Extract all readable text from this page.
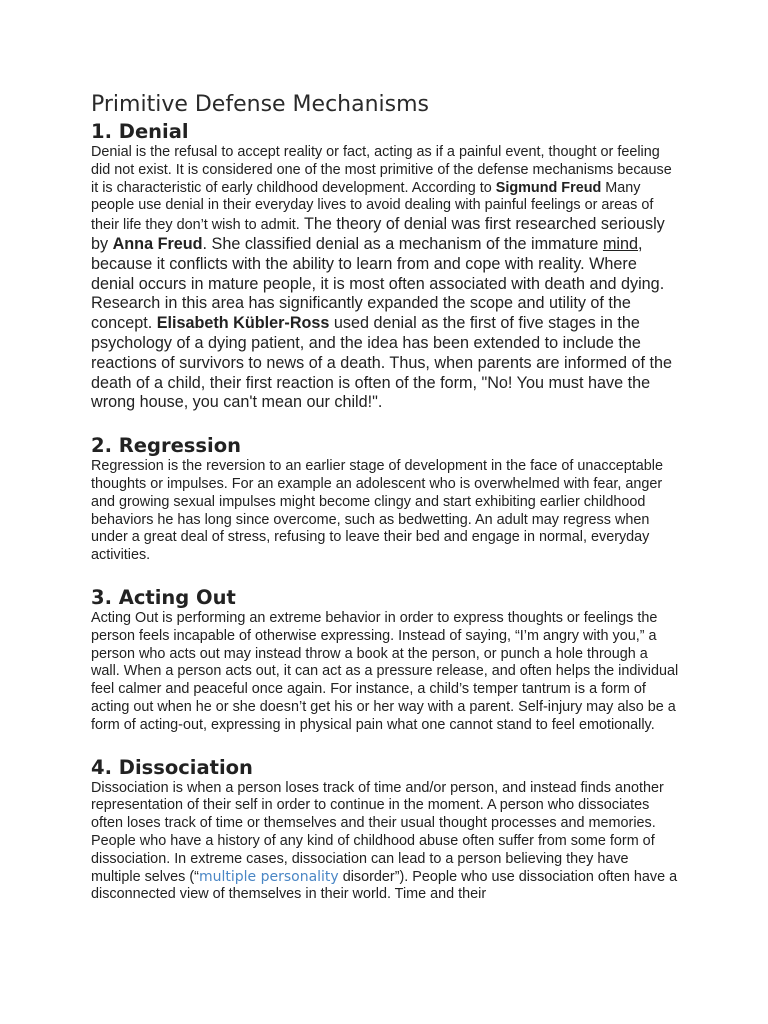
Primitive Defense Mechanisms
1. Denial

Denial is the refusal to accept reality or fact, acting as if a painful event, thought or feeling did not exist. It is considered one of the most primitive of the defense mechanisms because it is characteristic of early childhood development. According to Sigmund Freud Many people use denial in their everyday lives to avoid dealing with painful feelings or areas of their life they don’t wish to admit. The theory of denial was first researched seriously by Anna Freud. She classified denial as a mechanism of the immature mind, because it conflicts with the ability to learn from and cope with reality. Where denial occurs in mature people, it is most often associated with death and dying. Research in this area has significantly expanded the scope and utility of the concept. Elisabeth Kübler-Ross used denial as the first of five stages in the psychology of a dying patient, and the idea has been extended to include the reactions of survivors to news of a death. Thus, when parents are informed of the death of a child, their first reaction is often of the form, "No! You must have the wrong house, you can't mean our child!".

2. Regression

Regression is the reversion to an earlier stage of development in the face of unacceptable thoughts or impulses. For an example an adolescent who is overwhelmed with fear, anger and growing sexual impulses might become clingy and start exhibiting earlier childhood behaviors he has long since overcome, such as bedwetting. An adult may regress when under a great deal of stress, refusing to leave their bed and engage in normal, everyday activities.

3. Acting Out

Acting Out is performing an extreme behavior in order to express thoughts or feelings the person feels incapable of otherwise expressing. Instead of saying, “I’m angry with you,” a person who acts out may instead throw a book at the person, or punch a hole through a wall. When a person acts out, it can act as a pressure release, and often helps the individual feel calmer and peaceful once again. For instance, a child’s temper tantrum is a form of acting out when he or she doesn’t get his or her way with a parent. Self-injury may also be a form of acting-out, expressing in physical pain what one cannot stand to feel emotionally.

4. Dissociation

Dissociation is when a person loses track of time and/or person, and instead finds another representation of their self in order to continue in the moment. A person who dissociates often loses track of time or themselves and their usual thought processes and memories. People who have a history of any kind of childhood abuse often suffer from some form of dissociation. In extreme cases, dissociation can lead to a person believing they have multiple selves (“multiple personality disorder”). People who use dissociation often have a disconnected view of themselves in their world. Time and their
